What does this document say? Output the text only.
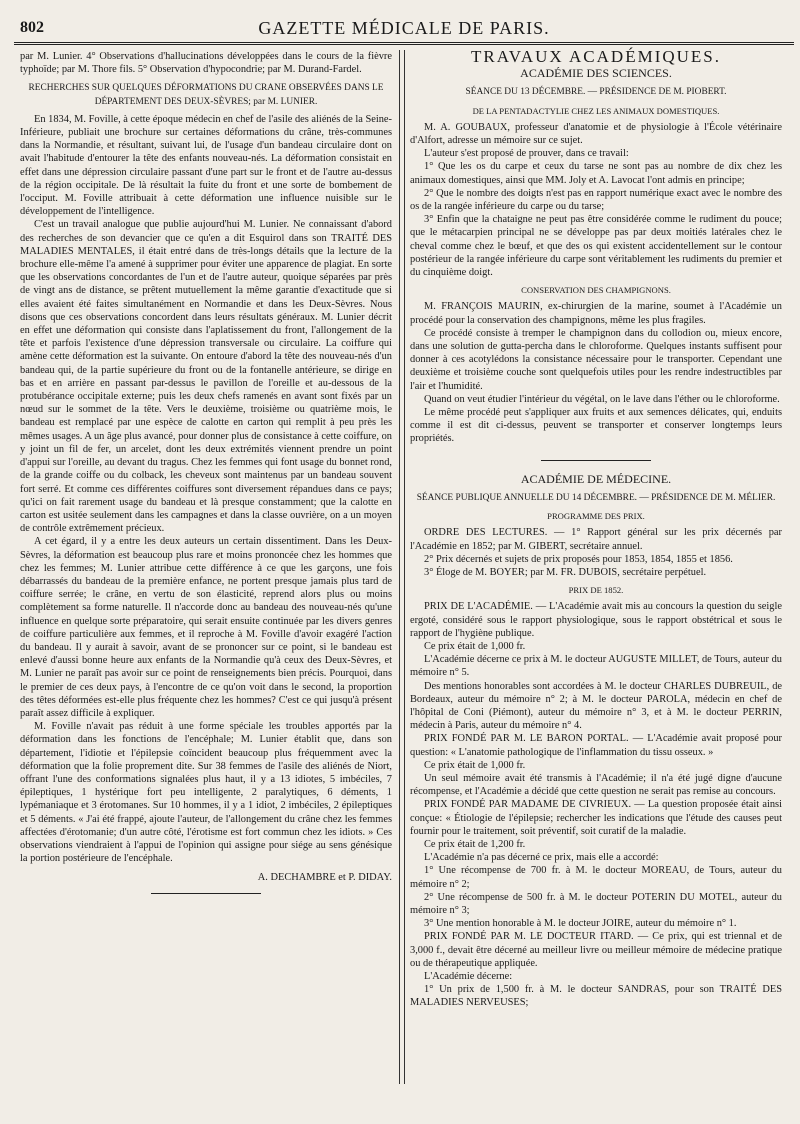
802	GAZETTE MÉDICALE DE PARIS.

par M. Lunier. 4° Observations d'hallucinations développées dans le cours de la fièvre typhoïde; par M. Thore fils. 5° Observation d'hypocondrie; par M. Durand-Fardel.

RECHERCHES SUR QUELQUES DÉFORMATIONS DU CRANE OBSERVÉES DANS LE DÉPARTEMENT DES DEUX-SÈVRES; par M. LUNIER.

En 1834, M. Foville, à cette époque médecin en chef de l'asile des aliénés de la Seine-Inférieure, publiait une brochure sur certaines déformations du crâne, très-communes dans la Normandie, et résultant, suivant lui, de l'usage d'un bandeau circulaire dont on avait l'habitude d'entourer la tête des enfants nouveau-nés. La déformation consistait en effet dans une dépression circulaire passant d'une part sur le front et de l'autre au-dessus de la région occipitale. De là résultait la fuite du front et une sorte de bombement de l'occiput. M. Foville attribuait à cette déformation une influence nuisible sur le développement de l'intelligence.

C'est un travail analogue que publie aujourd'hui M. Lunier. Ne connaissant d'abord des recherches de son devancier que ce qu'en a dit Esquirol dans son TRAITÉ DES MALADIES MENTALES, il était entré dans de très-longs détails que la lecture de la brochure elle-même l'a amené à supprimer pour éviter une apparence de plagiat. En sorte que les observations concordantes de l'un et de l'autre auteur, quoique séparées par près de vingt ans de distance, se prêtent mutuellement la même garantie d'exactitude que si elles avaient été faites simultanément en Normandie et dans les Deux-Sèvres. Nous disons que ces observations concordent dans leurs résultats généraux. M. Lunier décrit en effet une déformation qui consiste dans l'aplatissement du front, l'allongement de la tête et parfois l'existence d'une dépression transversale ou circulaire. La coiffure qui amène cette déformation est la suivante. On entoure d'abord la tête des nouveau-nés d'un bandeau qui, de la partie supérieure du front ou de la fontanelle antérieure, se dirige en bas et en arrière en passant par-dessus le pavillon de l'oreille et au-dessous de la protubérance occipitale externe; puis les deux chefs ramenés en avant sont fixés par un nœud sur le sommet de la tête. Vers le deuxième, troisième ou quatrième mois, le bandeau est remplacé par une espèce de calotte en carton qui remplit à peu près les mêmes usages. A un âge plus avancé, pour donner plus de consistance à cette coiffure, on y joint un fil de fer, un arcelet, dont les deux extrémités viennent prendre un point d'appui sur l'oreille, au devant du tragus. Chez les femmes qui font usage du bonnet rond, de la grande coiffe ou du colback, les cheveux sont maintenus par un bandeau souvent fort serré. Et comme ces différentes coiffures sont diversement répandues dans ce pays; qu'ici on fait rarement usage du bandeau et là presque constamment; que la calotte en carton est usitée seulement dans les campagnes et dans la classe ouvrière, on a un moyen de contrôle extrêmement précieux.

A cet égard, il y a entre les deux auteurs un certain dissentiment. Dans les Deux-Sèvres, la déformation est beaucoup plus rare et moins prononcée chez les hommes que chez les femmes; M. Lunier attribue cette différence à ce que les garçons, une fois débarrassés du bandeau de la première enfance, ne portent presque jamais plus tard de coiffure serrée; le crâne, en vertu de son élasticité, reprend alors plus ou moins complètement sa forme naturelle. Il n'accorde donc au bandeau des nouveau-nés qu'une influence en quelque sorte préparatoire, qui serait ensuite continuée par les divers genres de coiffure particulière aux femmes, et il reproche à M. Foville d'avoir exagéré l'action du bandeau. Il y aurait à savoir, avant de se prononcer sur ce point, si le bandeau est enlevé d'aussi bonne heure aux enfants de la Normandie qu'à ceux des Deux-Sèvres, et M. Lunier ne paraît pas avoir sur ce point de renseignements bien précis. Pourquoi, dans le premier de ces deux pays, à l'encontre de ce qu'on voit dans le second, la proportion des têtes déformées est-elle plus fréquente chez les hommes? C'est ce qui jusqu'à présent paraît assez difficile à expliquer.

M. Foville n'avait pas réduit à une forme spéciale les troubles apportés par la déformation dans les fonctions de l'encéphale; M. Lunier établit que, dans son département, l'idiotie et l'épilepsie coïncident beaucoup plus fréquemment avec la déformation que la folie proprement dite. Sur 38 femmes de l'asile des aliénés de Niort, offrant l'une des conformations signalées plus haut, il y a 13 idiotes, 5 imbéciles, 7 épileptiques, 1 hystérique fort peu intelligente, 2 paralytiques, 6 déments, 1 lypémaniaque et 3 érotomanes. Sur 10 hommes, il y a 1 idiot, 2 imbéciles, 2 épileptiques et 5 déments. « J'ai été frappé, ajoute l'auteur, de l'allongement du crâne chez les femmes affectées d'érotomanie; d'un autre côté, l'érotisme est fort commun chez les idiots. » Ces observations viendraient à l'appui de l'opinion qui assigne pour siége au sens génésique la portion postérieure de l'encéphale.

A. DECHAMBRE et P. DIDAY.
TRAVAUX ACADÉMIQUES.
ACADÉMIE DES SCIENCES.
SÉANCE DU 13 DÉCEMBRE. — PRÉSIDENCE DE M. PIOBERT.
DE LA PENTADACTYLIE CHEZ LES ANIMAUX DOMESTIQUES.

M. A. GOUBAUX, professeur d'anatomie et de physiologie à l'École vétérinaire d'Alfort, adresse un mémoire sur ce sujet.

L'auteur s'est proposé de prouver, dans ce travail:

1° Que les os du carpe et ceux du tarse ne sont pas au nombre de dix chez les animaux domestiques, ainsi que MM. Joly et A. Lavocat l'ont admis en principe;

2° Que le nombre des doigts n'est pas en rapport numérique exact avec le nombre des os de la rangée inférieure du carpe ou du tarse;

3° Enfin que la chataigne ne peut pas être considérée comme le rudiment du pouce; que le métacarpien principal ne se développe pas par deux moitiés latérales chez le cheval comme chez le bœuf, et que des os qui existent accidentellement sur le contour postérieur de la rangée inférieure du carpe sont véritablement les rudiments du premier et du cinquième doigt.

CONSERVATION DES CHAMPIGNONS.

M. FRANÇOIS MAURIN, ex-chirurgien de la marine, soumet à l'Académie un procédé pour la conservation des champignons, même les plus fragiles.

Ce procédé consiste à tremper le champignon dans du collodion ou, mieux encore, dans une solution de gutta-percha dans le chloroforme. Quelques instants suffisent pour donner à ces acotylédons la consistance nécessaire pour le transporter. Cependant une deuxième et troisième couche sont quelquefois utiles pour les rendre indestructibles par l'air et l'humidité.

Quand on veut étudier l'intérieur du végétal, on le lave dans l'éther ou le chloroforme.

Le même procédé peut s'appliquer aux fruits et aux semences délicates, qui, enduits comme il est dit ci-dessus, peuvent se transporter et conserver longtemps leurs propriétés.

ACADÉMIE DE MÉDECINE.
SÉANCE PUBLIQUE ANNUELLE DU 14 DÉCEMBRE. — PRÉSIDENCE DE M. MÉLIER.
PROGRAMME DES PRIX.

ORDRE DES LECTURES. — 1° Rapport général sur les prix décernés par l'Académie en 1852; par M. GIBERT, secrétaire annuel.

2° Prix décernés et sujets de prix proposés pour 1853, 1854, 1855 et 1856.

3° Éloge de M. BOYER; par M. FR. DUBOIS, secrétaire perpétuel.

PRIX DE 1852.

PRIX DE L'ACADÉMIE. — L'Académie avait mis au concours la question du seigle ergoté, considéré sous le rapport physiologique, sous le rapport obstétrical et sous le rapport de l'hygiène publique.

Ce prix était de 1,000 fr.

L'Académie décerne ce prix à M. le docteur AUGUSTE MILLET, de Tours, auteur du mémoire n° 5.

Des mentions honorables sont accordées à M. le docteur CHARLES DUBREUIL, de Bordeaux, auteur du mémoire n° 2; à M. le docteur PAROLA, médecin en chef de l'hôpital de Coni (Piémont), auteur du mémoire n° 3, et à M. le docteur PERRIN, médecin à Paris, auteur du mémoire n° 4.

PRIX FONDÉ PAR M. LE BARON PORTAL. — L'Académie avait proposé pour question: « L'anatomie pathologique de l'inflammation du tissu osseux. »

Ce prix était de 1,000 fr.

Un seul mémoire avait été transmis à l'Académie; il n'a été jugé digne d'aucune récompense, et l'Académie a décidé que cette question ne serait pas remise au concours.

PRIX FONDÉ PAR MADAME DE CIVRIEUX. — La question proposée était ainsi conçue: « Étiologie de l'épilepsie; rechercher les indications que l'étude des causes peut fournir pour le traitement, soit préventif, soit curatif de la maladie.

Ce prix était de 1,200 fr.

L'Académie n'a pas décerné ce prix, mais elle a accordé:

1° Une récompense de 700 fr. à M. le docteur MOREAU, de Tours, auteur du mémoire n° 2;

2° Une récompense de 500 fr. à M. le docteur POTERIN DU MOTEL, auteur du mémoire n° 3;

3° Une mention honorable à M. le docteur JOIRE, auteur du mémoire n° 1.

PRIX FONDÉ PAR M. LE DOCTEUR ITARD. — Ce prix, qui est triennal et de 3,000 f., devait être décerné au meilleur livre ou meilleur mémoire de médecine pratique ou de thérapeutique appliquée.

L'Académie décerne:

1° Un prix de 1,500 fr. à M. le docteur SANDRAS, pour son TRAITÉ DES MALADIES NERVEUSES;
